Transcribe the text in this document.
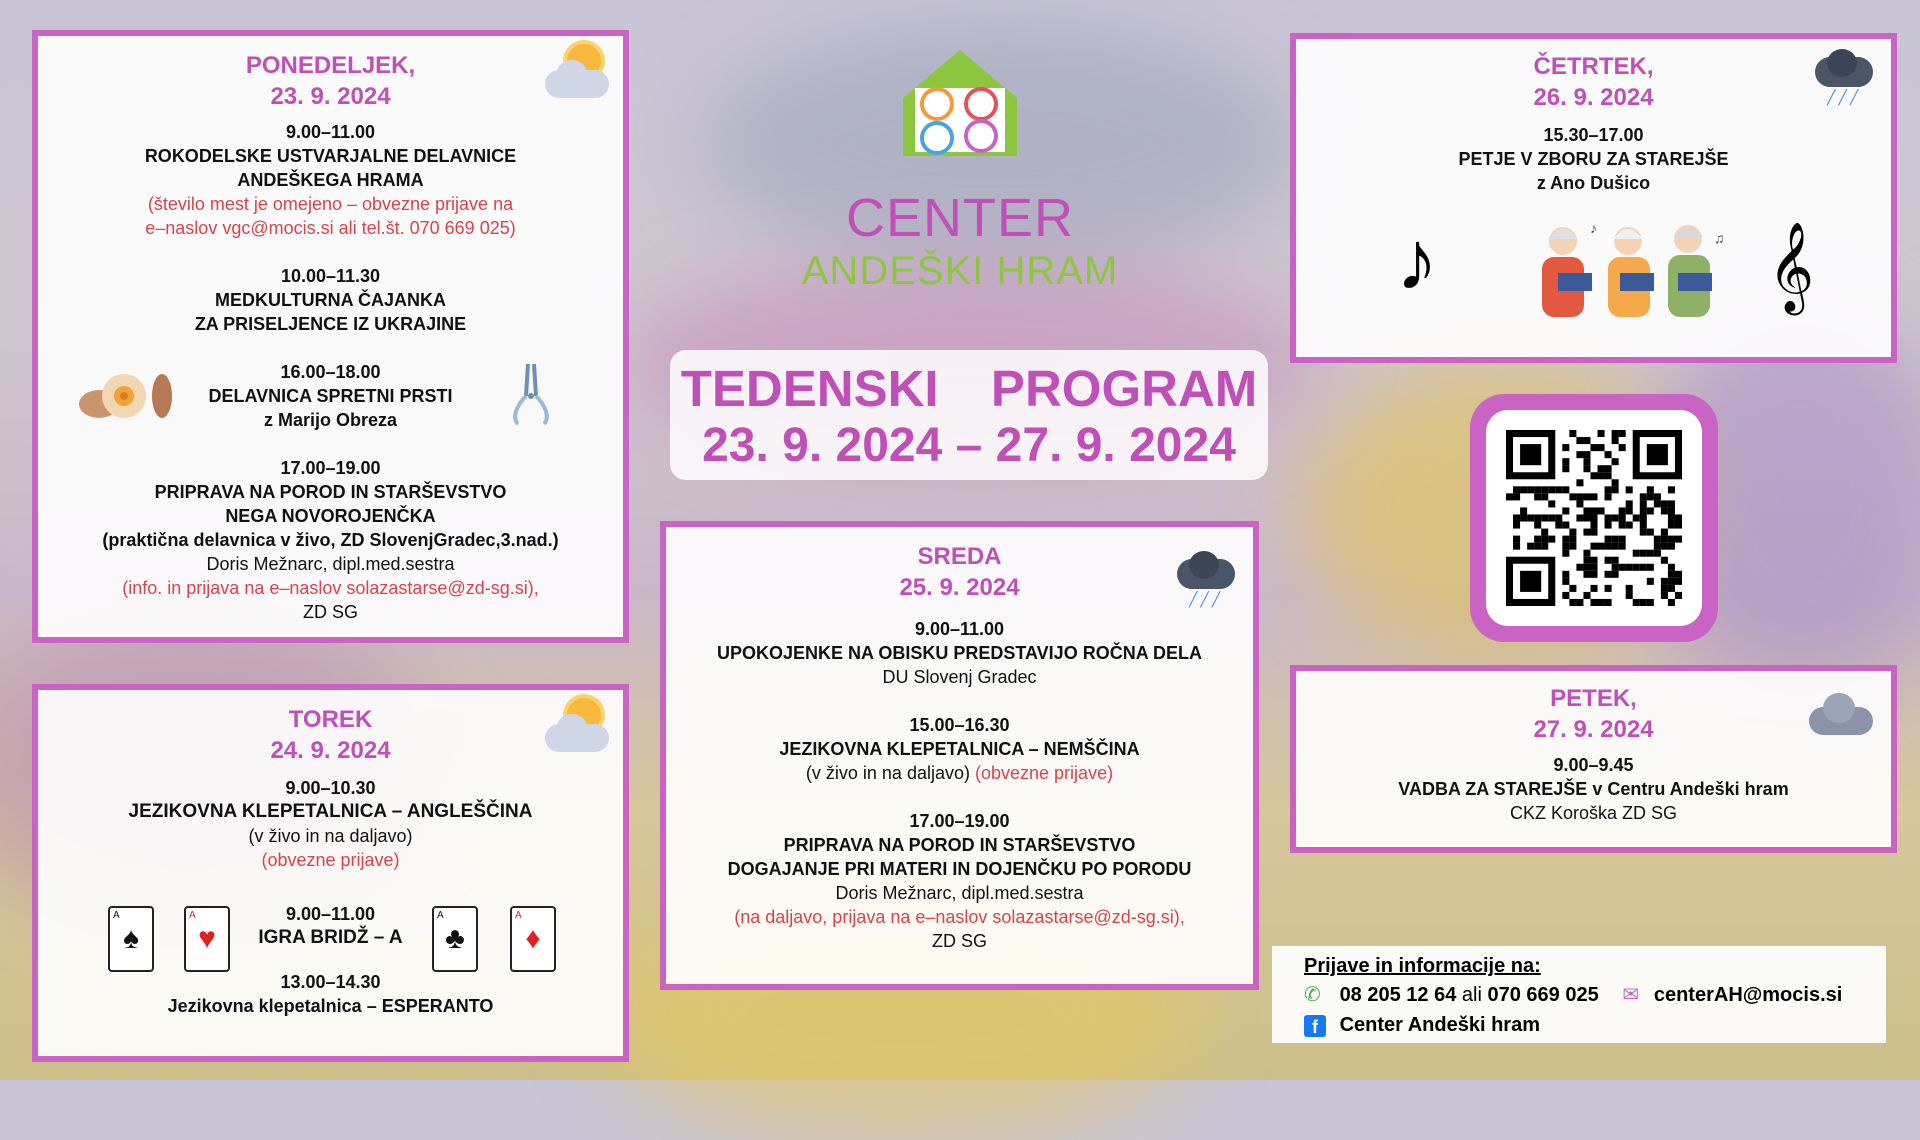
PONEDELJEK,
23. 9. 2024
9.00–11.00
ROKODELSKE USTVARJALNE DELAVNICE
ANDEŠKEGA HRAMA
(število mest je omejeno – obvezne prijave na
e–naslov vgc@mocis.si ali tel.št. 070 669 025)
10.00–11.30
MEDKULTURNA ČAJANKA
ZA PRISELJENCE IZ UKRAJINE
16.00–18.00
DELAVNICA SPRETNI PRSTI
z Marijo Obreza
17.00–19.00
PRIPRAVA NA POROD IN STARŠEVSTVO
NEGA NOVOROJENČKA
(praktična delavnica v živo, ZD SlovenjGradec,3.nad.)
Doris Mežnarc, dipl.med.sestra
(info. in prijava na e–naslov solazastarse@zd-sg.si),
ZD SG
TOREK
24. 9. 2024
9.00–10.30
JEZIKOVNA KLEPETALNICA – ANGLEŠČINA
(v živo in na daljavo)
(obvezne prijave)
9.00–11.00
IGRA BRIDŽ – A
13.00–14.30
Jezikovna klepetalnica – ESPERANTO
A
♠
A
♥
A
♣
A
♦
CENTER
ANDEŠKI HRAM
TEDENSKI  PROGRAM
23. 9. 2024 – 27. 9. 2024
SREDA
25. 9. 2024
9.00–11.00
UPOKOJENKE NA OBISKU PREDSTAVIJO ROČNA DELA
DU Slovenj Gradec
15.00–16.30
JEZIKOVNA KLEPETALNICA – NEMŠČINA
(v živo in na daljavo) (obvezne prijave)
17.00–19.00
PRIPRAVA NA POROD IN STARŠEVSTVO
DOGAJANJE PRI MATERI IN DOJENČKU PO PORODU
Doris Mežnarc, dipl.med.sestra
(na daljavo, prijava na e–naslov solazastarse@zd-sg.si),
ZD SG
╱╱╱
ČETRTEK,
26. 9. 2024
15.30–17.00
PETJE V ZBORU ZA STAREJŠE
z Ano Dušico
╱╱╱
♪	𝄞
♪
♫
PETEK,
27. 9. 2024
9.00–9.45
VADBA ZA STAREJŠE v Centru Andeški hram
CKZ Koroška ZD SG
Prijave in informacije na:
✆ 08 205 12 64 ali 070 669 025 ✉ centerAH@mocis.si
f Center Andeški hram
